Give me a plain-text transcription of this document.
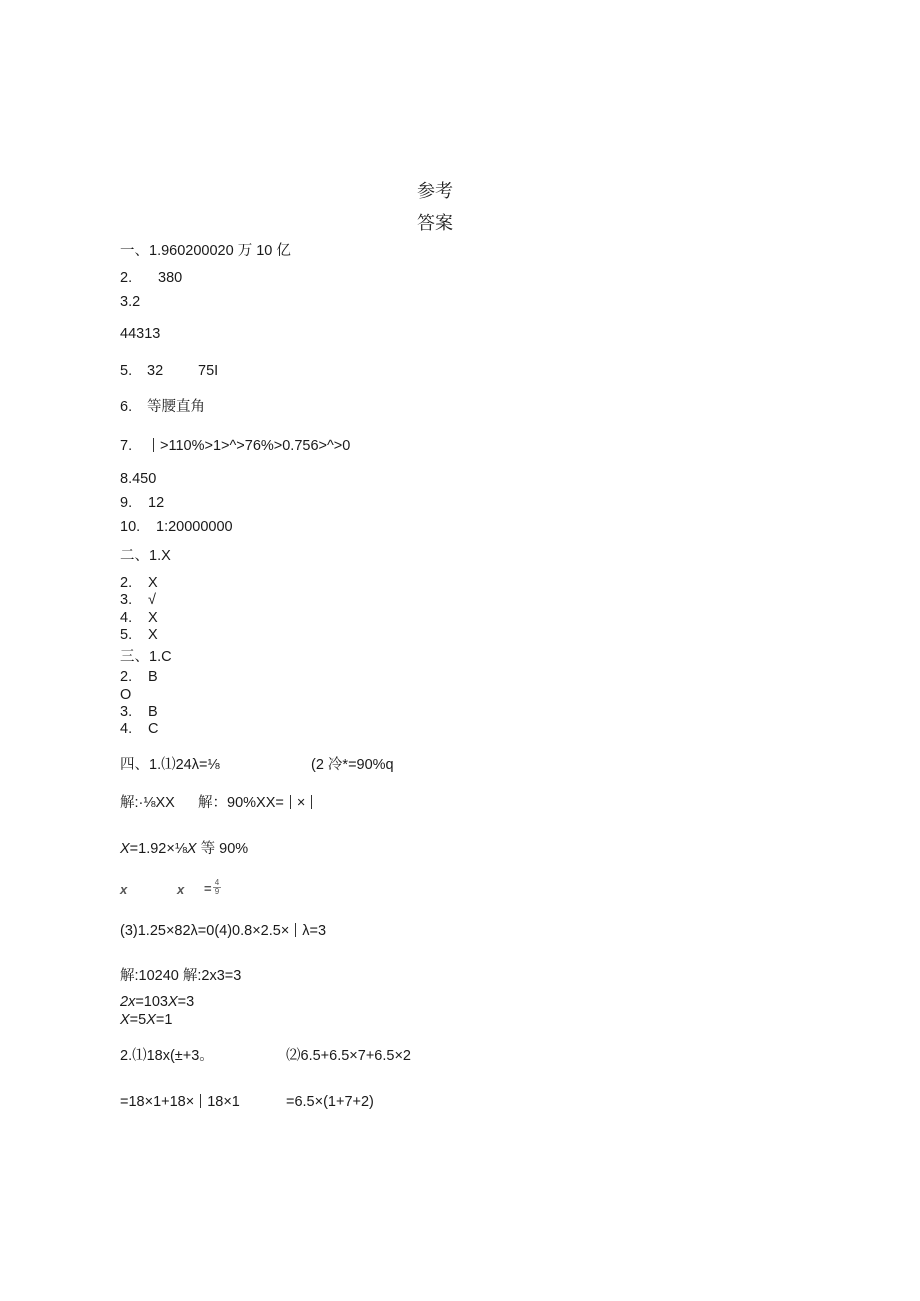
参考
答案
一、1.960200020 万 10 亿
2. 380
3.2
44313
5. 32 75I
6. 等腰直角
7.	>110%>1>^>76%>0.756>^>0
8.450
9. 12
10. 1:20000000
二、1.X
2. X
3. √
4. X
5. X
三、1.C
2. B
O
3. B
4. C
四、1.⑴24λ=⅛	(2 冷*=90%q
解:·⅛XX 解：90%XX= ×
X=1.92×⅛X 等 90%
x	$x = \frac{4}{9}$
(3)1.25×82λ=0(4)0.8×2.5× λ=3
解:10240 解:2x3=3
2x=103X=3
X=5X=1
2.⑴18x(±+3。	⑵6.5+6.5×7+6.5×2
=18×1+18× 18×1	=6.5×(1+7+2)
